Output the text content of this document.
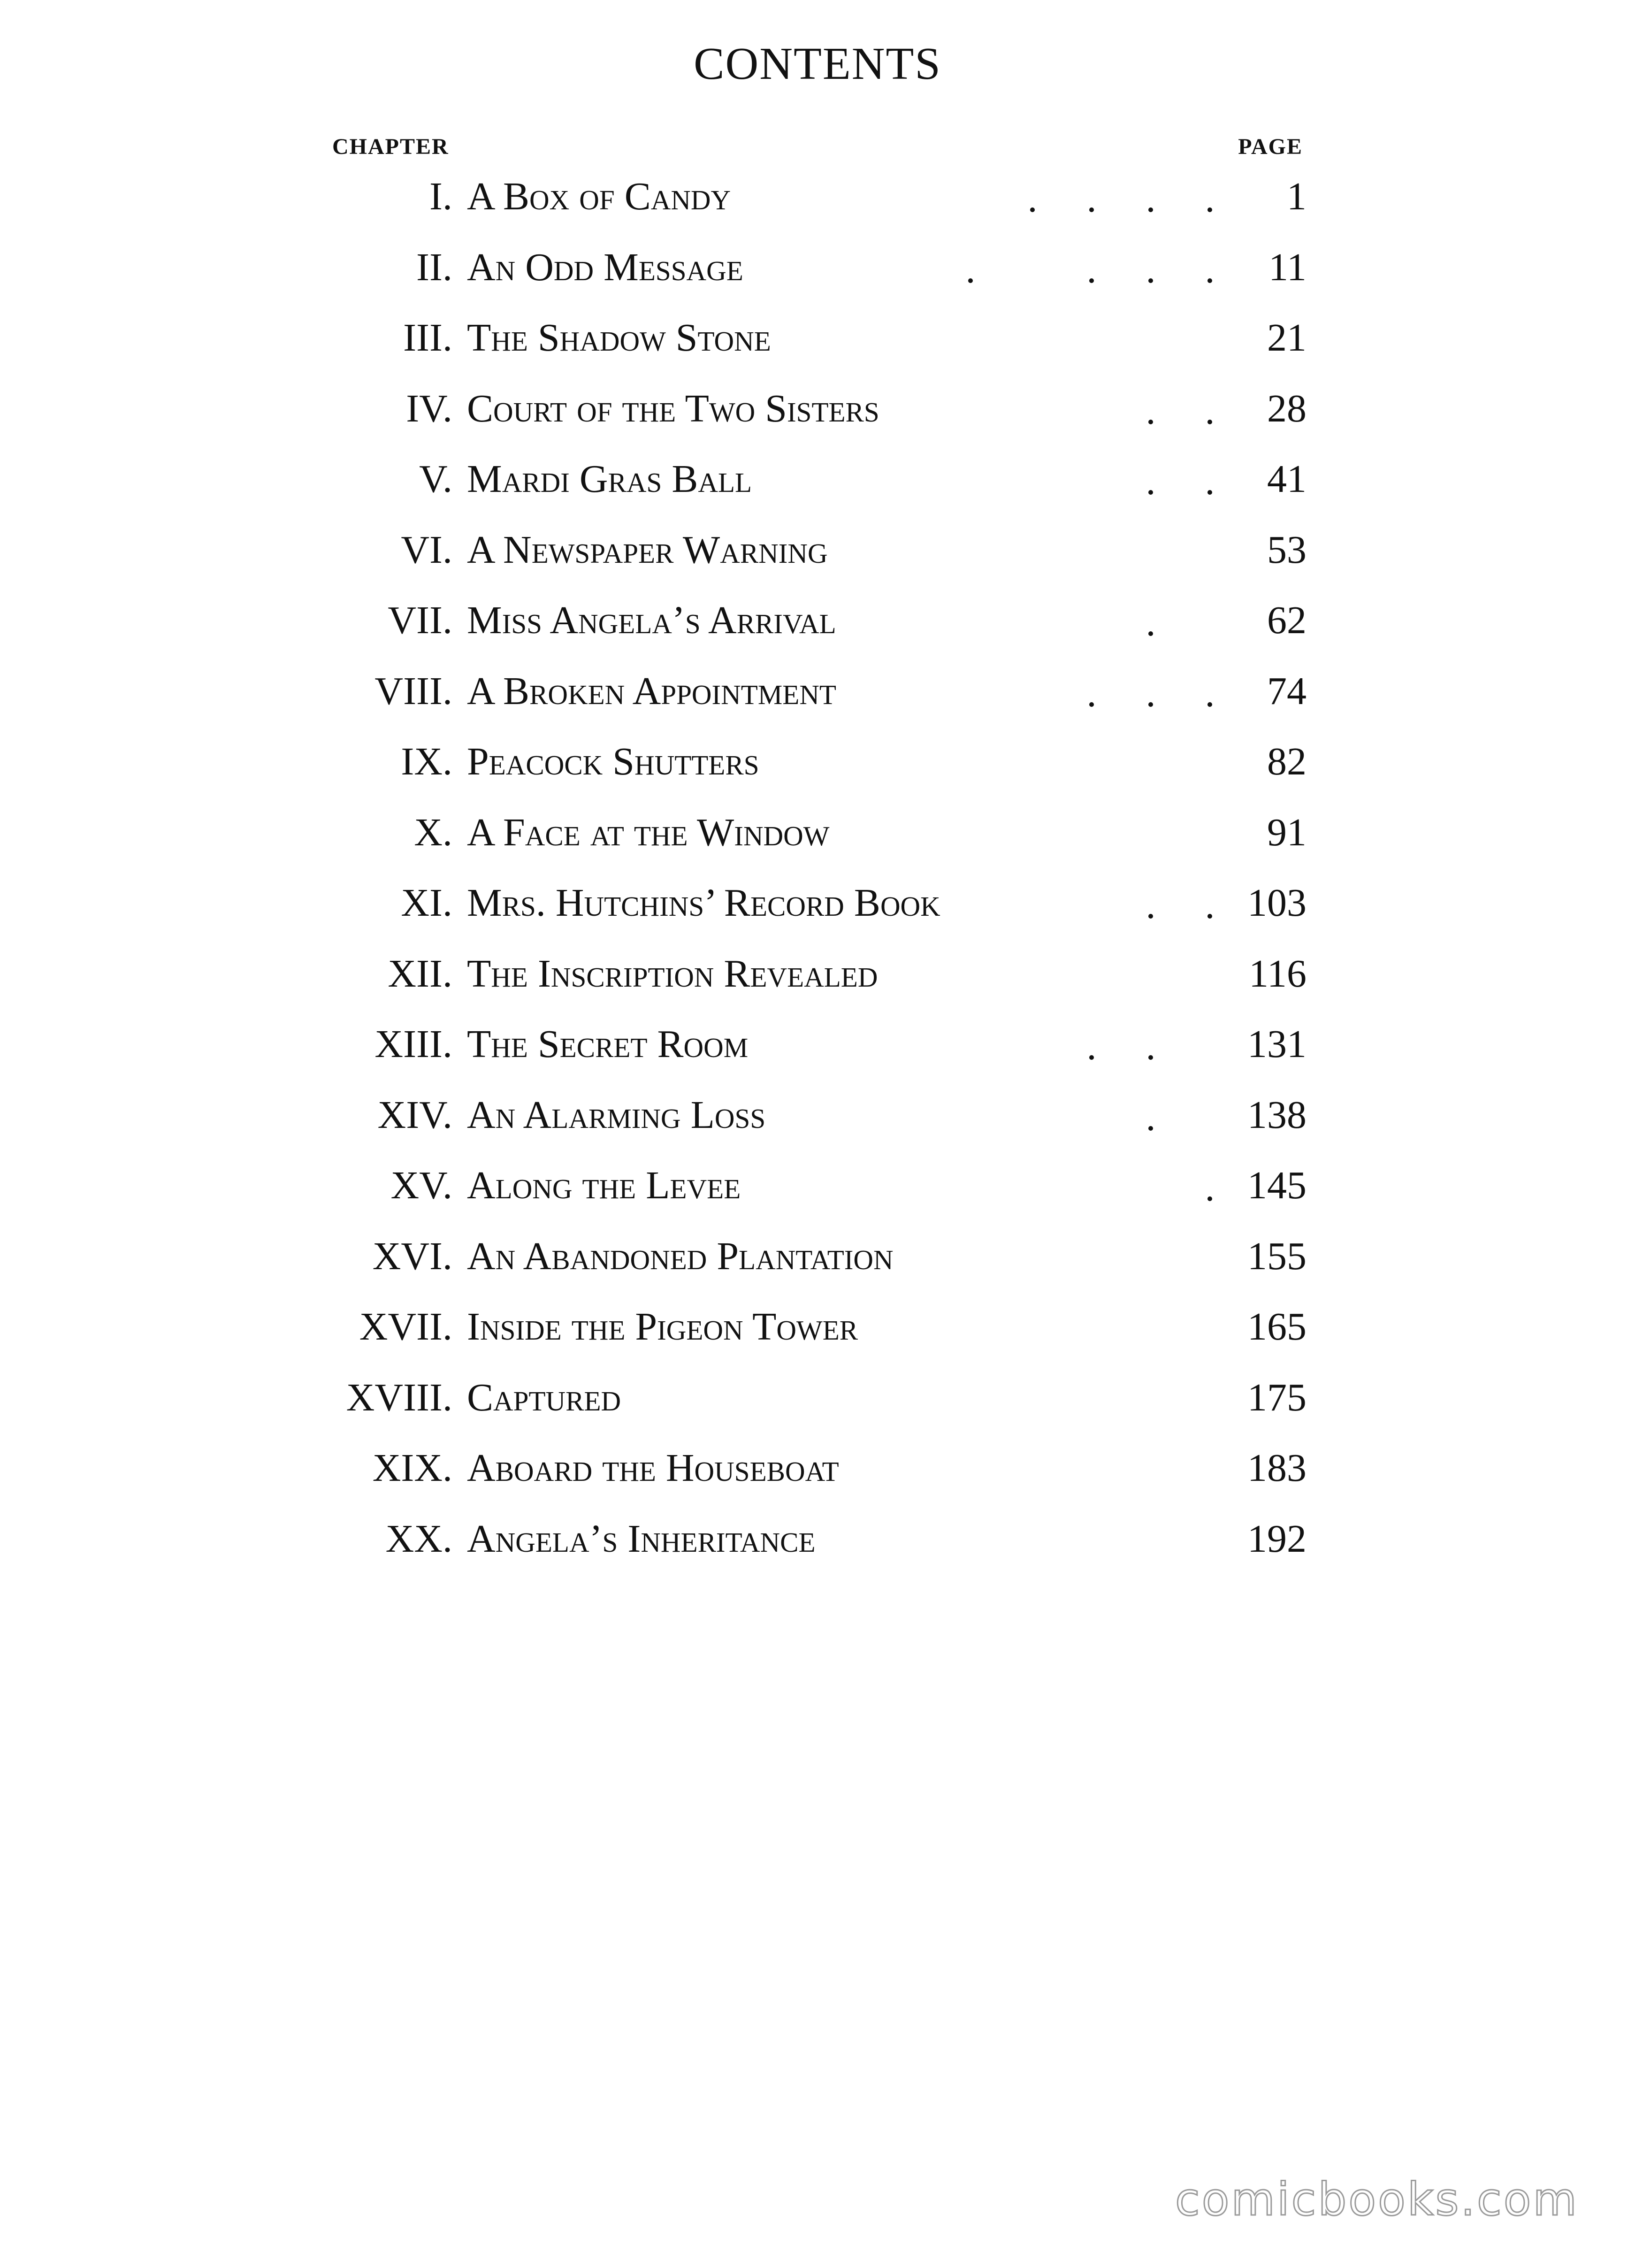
CONTENTS
CHAPTER	PAGE
I. A Box of Candy	1
II. An Odd Message	11
III. The Shadow Stone	21
IV. Court of the Two Sisters	28
V. Mardi Gras Ball	41
VI. A Newspaper Warning	53
VII. Miss Angela’s Arrival	62
VIII. A Broken Appointment	74
IX. Peacock Shutters	82
X. A Face at the Window	91
XI. Mrs. Hutchins’ Record Book	103
XII. The Inscription Revealed	116
XIII. The Secret Room	131
XIV. An Alarming Loss	138
XV. Along the Levee	145
XVI. An Abandoned Plantation	155
XVII. Inside the Pigeon Tower	165
XVIII. Captured	175
XIX. Aboard the Houseboat	183
XX. Angela’s Inheritance	192
comicbooks.com
